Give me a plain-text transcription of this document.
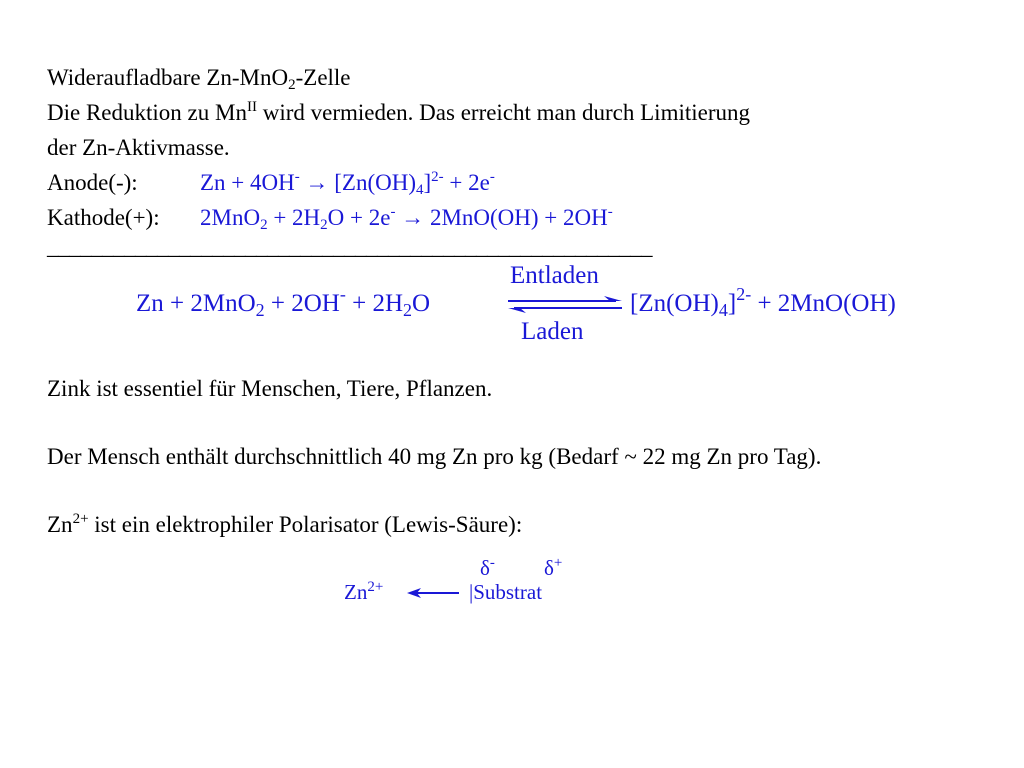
Wideraufladbare Zn-MnO$_2$-Zelle
Die Reduktion zu $Mn^{II}$ wird vermieden. Das erreicht man durch Limitierung
der Zn-Aktivmasse.
Anode(-):	$Zn + 4OH^- \to [Zn(OH)_4]^{2-} + 2e^-$
Kathode(+): $2MnO_2 + 2H_2O + 2e^- \to 2MnO(OH) + 2OH^-$
_______________________________________________________
$Zn + 2MnO_2 + 2OH^- + 2H_2O$
Entladen
Laden
$[Zn(OH)_4]^{2-} + 2MnO(OH)$
Zink ist essentiel für Menschen, Tiere, Pflanzen.
Der Mensch enthält durchschnittlich 40 mg Zn pro kg (Bedarf ~ 22 mg Zn pro Tag).
$Zn^{2+}$ ist ein elektrophiler Polarisator (Lewis-Säure):
δ- δ+
$Zn^{2+}$	|Substrat
